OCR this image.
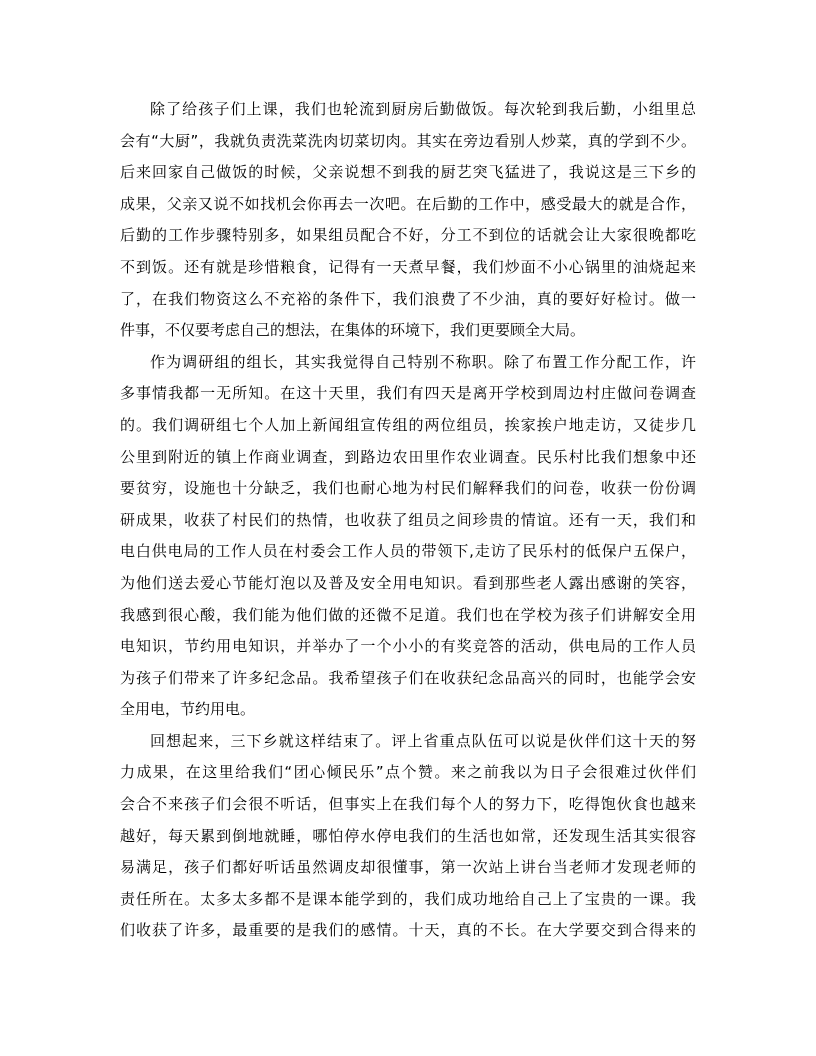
除了给孩子们上课，我们也轮流到厨房后勤做饭。每次轮到我后勤，小组里总
会有“大厨”，我就负责洗菜洗肉切菜切肉。其实在旁边看别人炒菜，真的学到不少。
后来回家自己做饭的时候，父亲说想不到我的厨艺突飞猛进了，我说这是三下乡的
成果，父亲又说不如找机会你再去一次吧。在后勤的工作中，感受最大的就是合作，
后勤的工作步骤特别多，如果组员配合不好，分工不到位的话就会让大家很晚都吃
不到饭。还有就是珍惜粮食，记得有一天煮早餐，我们炒面不小心锅里的油烧起来
了，在我们物资这么不充裕的条件下，我们浪费了不少油，真的要好好检讨。做一
件事，不仅要考虑自己的想法，在集体的环境下，我们更要顾全大局。
作为调研组的组长，其实我觉得自己特别不称职。除了布置工作分配工作，许
多事情我都一无所知。在这十天里，我们有四天是离开学校到周边村庄做问卷调查
的。我们调研组七个人加上新闻组宣传组的两位组员，挨家挨户地走访，又徒步几
公里到附近的镇上作商业调查，到路边农田里作农业调查。民乐村比我们想象中还
要贫穷，设施也十分缺乏，我们也耐心地为村民们解释我们的问卷，收获一份份调
研成果，收获了村民们的热情，也收获了组员之间珍贵的情谊。还有一天，我们和
电白供电局的工作人员在村委会工作人员的带领下,走访了民乐村的低保户五保户，
为他们送去爱心节能灯泡以及普及安全用电知识。看到那些老人露出感谢的笑容，
我感到很心酸，我们能为他们做的还微不足道。我们也在学校为孩子们讲解安全用
电知识，节约用电知识，并举办了一个小小的有奖竞答的活动，供电局的工作人员
为孩子们带来了许多纪念品。我希望孩子们在收获纪念品高兴的同时，也能学会安
全用电，节约用电。
回想起来，三下乡就这样结束了。评上省重点队伍可以说是伙伴们这十天的努
力成果，在这里给我们“团心倾民乐”点个赞。来之前我以为日子会很难过伙伴们
会合不来孩子们会很不听话，但事实上在我们每个人的努力下，吃得饱伙食也越来
越好，每天累到倒地就睡，哪怕停水停电我们的生活也如常，还发现生活其实很容
易满足，孩子们都好听话虽然调皮却很懂事，第一次站上讲台当老师才发现老师的
责任所在。太多太多都不是课本能学到的，我们成功地给自己上了宝贵的一课。我
们收获了许多，最重要的是我们的感情。十天，真的不长。在大学要交到合得来的
